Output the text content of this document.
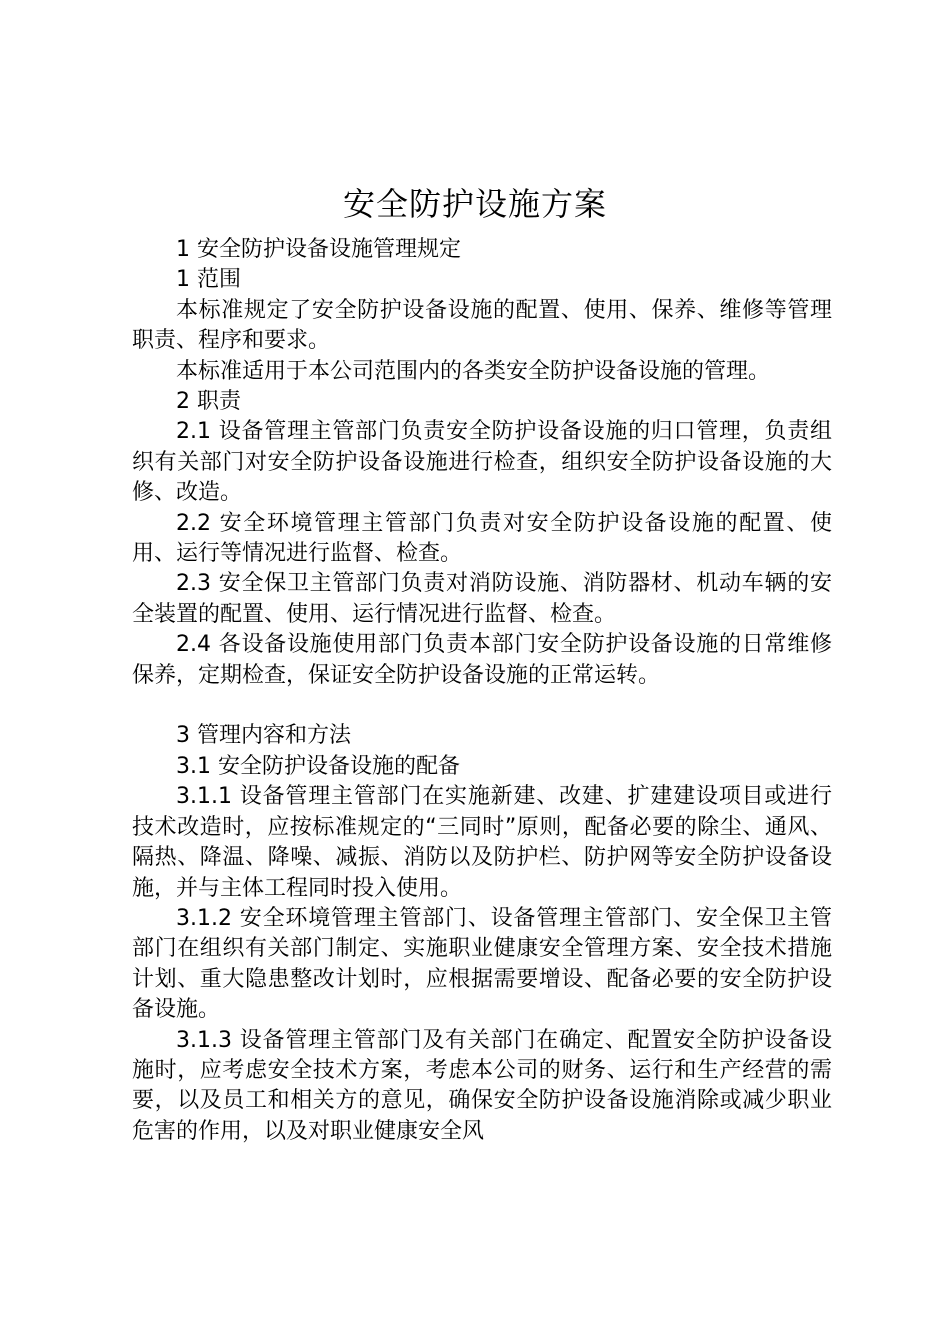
安全防护设施方案

1 安全防护设备设施管理规定

1 范围

本标准规定了安全防护设备设施的配置、使用、保养、维修等管理职责、程序和要求。

本标准适用于本公司范围内的各类安全防护设备设施的管理。

2 职责

2.1 设备管理主管部门负责安全防护设备设施的归口管理，负责组织有关部门对安全防护设备设施进行检查，组织安全防护设备设施的大修、改造。

2.2 安全环境管理主管部门负责对安全防护设备设施的配置、使用、运行等情况进行监督、检查。

2.3 安全保卫主管部门负责对消防设施、消防器材、机动车辆的安全装置的配置、使用、运行情况进行监督、检查。

2.4 各设备设施使用部门负责本部门安全防护设备设施的日常维修保养，定期检查，保证安全防护设备设施的正常运转。

3 管理内容和方法

3.1 安全防护设备设施的配备

3.1.1 设备管理主管部门在实施新建、改建、扩建建设项目或进行技术改造时，应按标准规定的“三同时”原则，配备必要的除尘、通风、隔热、降温、降噪、减振、消防以及防护栏、防护网等安全防护设备设施，并与主体工程同时投入使用。

3.1.2 安全环境管理主管部门、设备管理主管部门、安全保卫主管部门在组织有关部门制定、实施职业健康安全管理方案、安全技术措施计划、重大隐患整改计划时，应根据需要增设、配备必要的安全防护设备设施。

3.1.3 设备管理主管部门及有关部门在确定、配置安全防护设备设施时，应考虑安全技术方案，考虑本公司的财务、运行和生产经营的需要，以及员工和相关方的意见，确保安全防护设备设施消除或减少职业危害的作用，以及对职业健康安全风
